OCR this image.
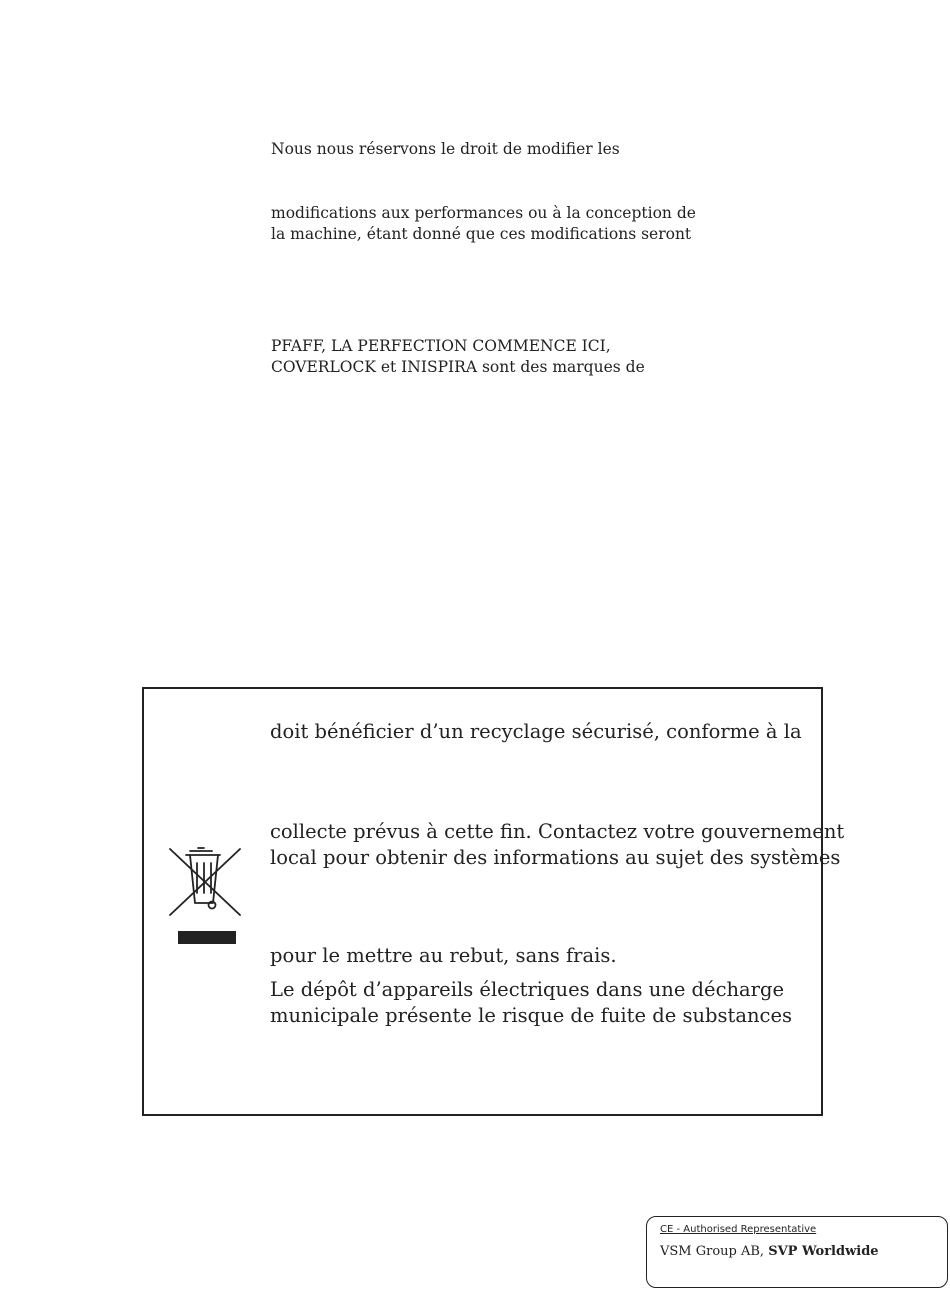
Nous nous réservons le droit de modifier les
modifications aux performances ou à la conception de
la machine, étant donné que ces modifications seront
PFAFF, LA PERFECTION COMMENCE ICI,
COVERLOCK et INISPIRA sont des marques de
doit bénéficier d’un recyclage sécurisé, conforme à la
collecte prévus à cette fin. Contactez votre gouvernement
local pour obtenir des informations au sujet des systèmes
pour le mettre au rebut, sans frais.
Le dépôt d’appareils électriques dans une décharge
municipale présente le risque de fuite de substances
CE - Authorised Representative
VSM Group AB, SVP Worldwide
